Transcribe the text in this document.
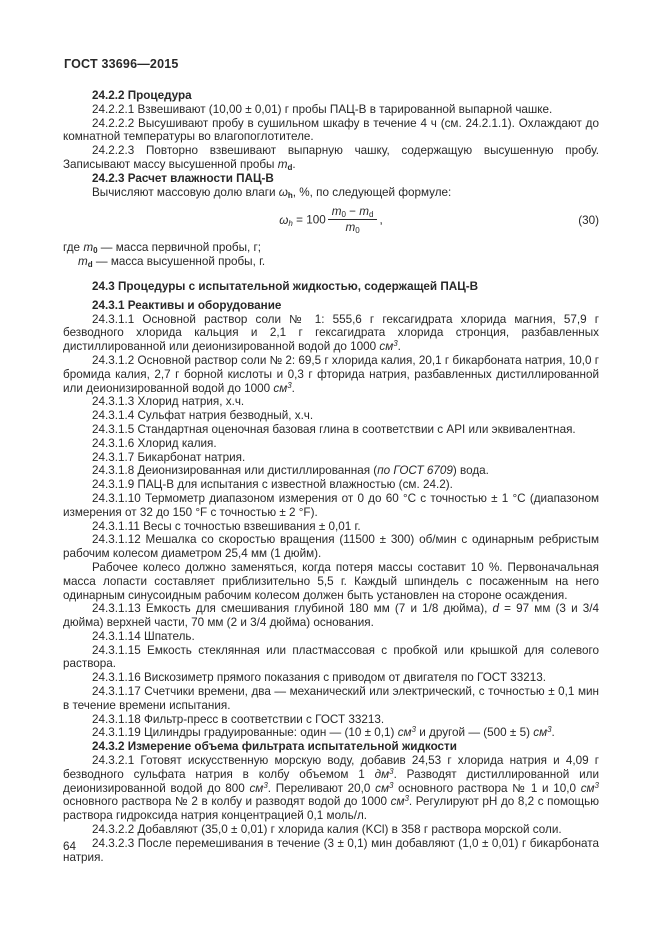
ГОСТ 33696—2015

24.2.2 Процедура

24.2.2.1 Взвешивают (10,00 ± 0,01) г пробы ПАЦ-В в тарированной выпарной чашке.

24.2.2.2 Высушивают пробу в сушильном шкафу в течение 4 ч (см. 24.2.1.1). Охлаждают до комнатной температуры во влагопоглотителе.

24.2.2.3 Повторно взвешивают выпарную чашку, содержащую высушенную пробу. Записывают массу высушенной пробы $m_d$.

24.2.3 Расчет влажности ПАЦ-В

Вычисляют массовую долю влаги $\omega_h$, %, по следующей формуле:

$\omega_h = 100 \frac{m_0 - m_d}{m_0}$ ,	(30)

где $m_0$ — масса первичной пробы, г;

$m_d$ — масса высушенной пробы, г.

24.3 Процедуры с испытательной жидкостью, содержащей ПАЦ-В

24.3.1 Реактивы и оборудование

24.3.1.1 Основной раствор соли № 1: 555,6 г гексагидрата хлорида магния, 57,9 г безводного хлорида кальция и 2,1 г гексагидрата хлорида стронция, разбавленных дистиллированной или деионизированной водой до 1000 $см^3$.

24.3.1.2 Основной раствор соли № 2: 69,5 г хлорида калия, 20,1 г бикарбоната натрия, 10,0 г бромида калия, 2,7 г борной кислоты и 0,3 г фторида натрия, разбавленных дистиллированной или деионизированной водой до 1000 $см^3$.

24.3.1.3 Хлорид натрия, х.ч.

24.3.1.4 Сульфат натрия безводный, х.ч.

24.3.1.5 Стандартная оценочная базовая глина в соответствии с API или эквивалентная.

24.3.1.6 Хлорид калия.

24.3.1.7 Бикарбонат натрия.

24.3.1.8 Деионизированная или дистиллированная (по ГОСТ 6709) вода.

24.3.1.9 ПАЦ-В для испытания с известной влажностью (см. 24.2).

24.3.1.10 Термометр диапазоном измерения от 0 до 60 °C с точностью ± 1 °C (диапазоном измерения от 32 до 150 °F с точностью ± 2 °F).

24.3.1.11 Весы с точностью взвешивания ± 0,01 г.

24.3.1.12 Мешалка со скоростью вращения (11500 ± 300) об/мин с одинарным ребристым рабочим колесом диаметром 25,4 мм (1 дюйм).

Рабочее колесо должно заменяться, когда потеря массы составит 10 %. Первоначальная масса лопасти составляет приблизительно 5,5 г. Каждый шпиндель с посаженным на него одинарным синусоидным рабочим колесом должен быть установлен на стороне осаждения.

24.3.1.13 Емкость для смешивания глубиной 180 мм (7 и 1/8 дюйма), d = 97 мм (3 и 3/4 дюйма) верхней части, 70 мм (2 и 3/4 дюйма) основания.

24.3.1.14 Шпатель.

24.3.1.15 Емкость стеклянная или пластмассовая с пробкой или крышкой для солевого раствора.

24.3.1.16 Вискозиметр прямого показания с приводом от двигателя по ГОСТ 33213.

24.3.1.17 Счетчики времени, два — механический или электрический, с точностью ± 0,1 мин в течение времени испытания.

24.3.1.18 Фильтр-пресс в соответствии с ГОСТ 33213.

24.3.1.19 Цилиндры градуированные: один — (10 ± 0,1) $см^3$ и другой — (500 ± 5) $см^3$.

24.3.2 Измерение объема фильтрата испытательной жидкости

24.3.2.1 Готовят искусственную морскую воду, добавив 24,53 г хлорида натрия и 4,09 г безводного сульфата натрия в колбу объемом 1 $дм^3$. Разводят дистиллированной или деионизированной водой до 800 $см^3$. Переливают 20,0 $см^3$ основного раствора № 1 и 10,0 $см^3$ основного раствора № 2 в колбу и разводят водой до 1000 $см^3$. Регулируют рН до 8,2 с помощью раствора гидроксида натрия концентрацией 0,1 моль/л.

24.3.2.2 Добавляют (35,0 ± 0,01) г хлорида калия (KCl) в 358 г раствора морской соли.

24.3.2.3 После перемешивания в течение (3 ± 0,1) мин добавляют (1,0 ± 0,01) г бикарбоната натрия.

64
